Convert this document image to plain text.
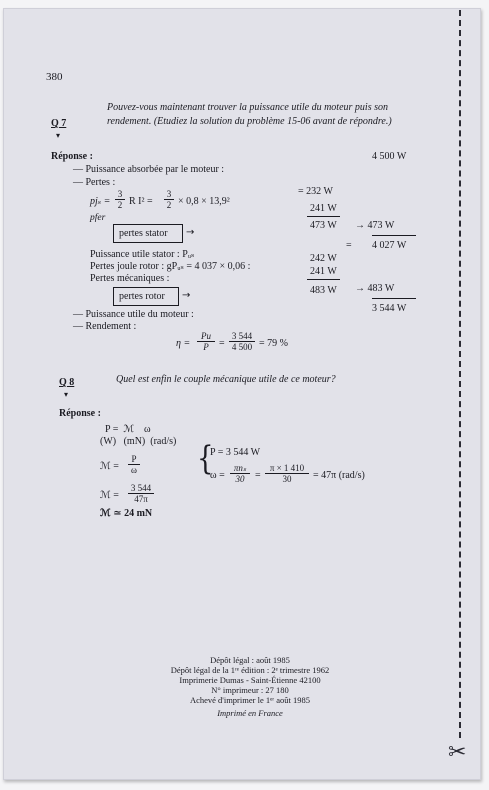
✂
380
Q 7
▾
Pouvez-vous maintenant trouver la puissance utile du moteur puis son
rendement. (Etudiez la solution du problème 15-06 avant de répondre.)
Réponse :	4 500 W
— Puissance absorbée par le moteur :
— Pertes :
$pj_s = \frac{3}{2}$ R $I^2 = \frac{3}{2} \times 0,8 \times 13,9^2$
= 232 W
pfer
241 W
473 W
pertes stator →
→ 473 W
= 4 027 W
Puissance utile stator : Pᵤₛ
Pertes joule rotor : gPᵤₛ = 4 037 × 0,06 :
242 W
Pertes mécaniques :
241 W
pertes rotor →	483 W → 483 W
3 544 W
— Puissance utile du moteur :
— Rendement :
$\eta = \frac{Pu}{P} = \frac{3 544}{4 500} = 79$ %
Q 8
▾
Quel est enfin le couple mécanique utile de ce moteur?
Réponse :
P =  ℳ    ω
(W)   (mN)  (rad/s)
ℳ = $\frac{P}{\omega}$ {
P = 3 544 W
ω =
πnₛ
30	= $\frac{\pi \times 1 410}{30} = 47\pi$ (rad/s)
ℳ = $\frac{3 544}{47\pi}$
ℳ ≃ 24 mN
Dépôt légal : août 1985
Dépôt légal de la 1ʳᵉ édition : 2ᵉ trimestre 1962
Imprimerie Dumas - Saint-Étienne 42100
N° imprimeur : 27 180
Achevé d'imprimer le 1ᵉʳ août 1985
Imprimé en France
